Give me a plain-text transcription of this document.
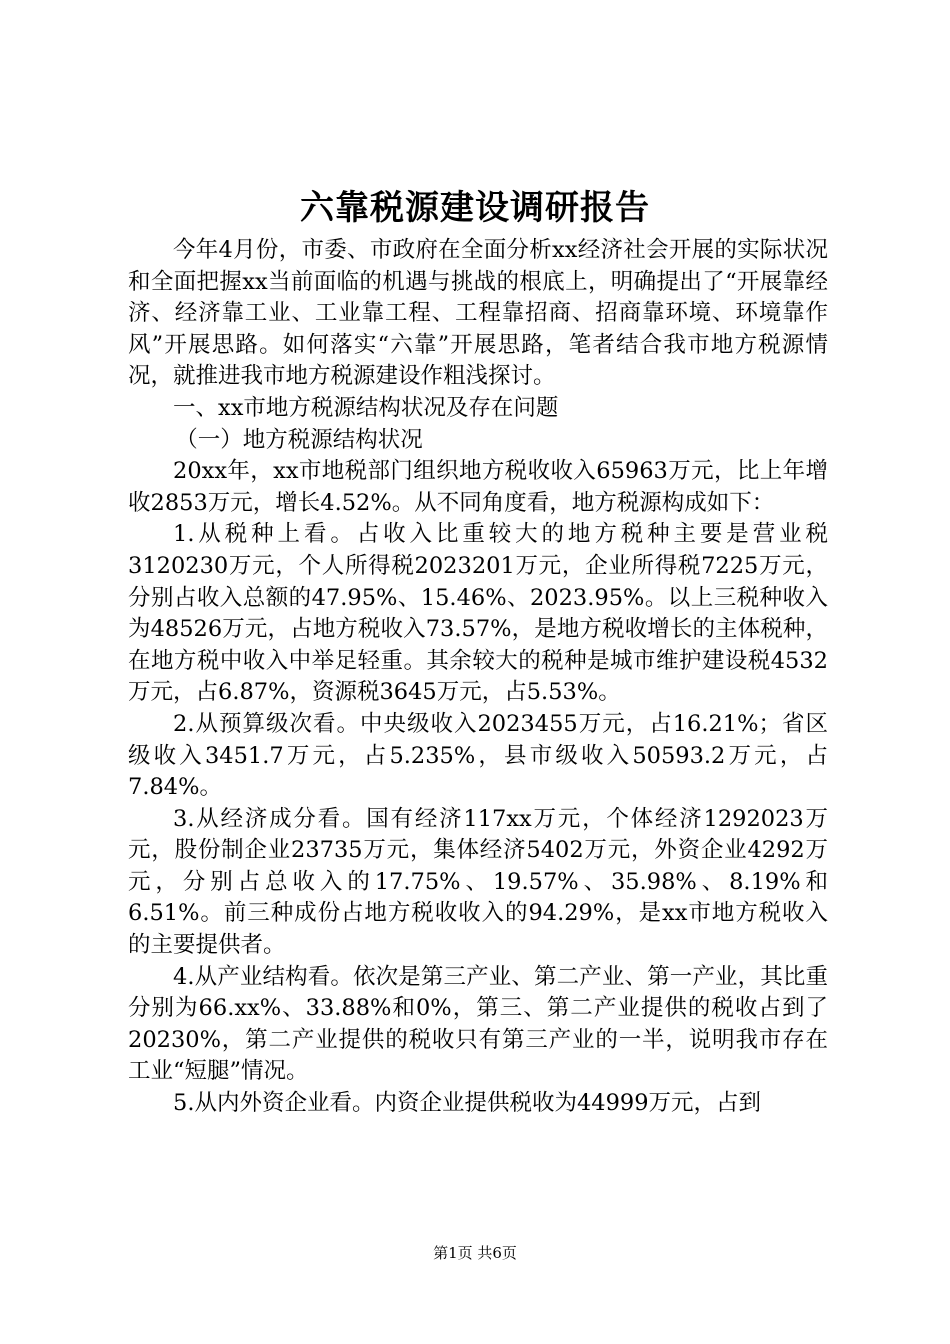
六靠税源建设调研报告

今年4月份，市委、市政府在全面分析xx经济社会开展的实际状况和全面把握xx当前面临的机遇与挑战的根底上，明确提出了“开展靠经济、经济靠工业、工业靠工程、工程靠招商、招商靠环境、环境靠作风”开展思路。如何落实“六靠”开展思路，笔者结合我市地方税源情况，就推进我市地方税源建设作粗浅探讨。

一、xx市地方税源结构状况及存在问题

（一）地方税源结构状况

20xx年，xx市地税部门组织地方税收收入65963万元，比上年增收2853万元，增长4.52%。从不同角度看，地方税源构成如下：

1.从税种上看。占收入比重较大的地方税种主要是营业税3120230万元，个人所得税2023201万元，企业所得税7225万元，分别占收入总额的47.95%、15.46%、2023.95%。以上三税种收入为48526万元，占地方税收入73.57%，是地方税收增长的主体税种，在地方税中收入中举足轻重。其余较大的税种是城市维护建设税4532万元，占6.87%，资源税3645万元，占5.53%。

2.从预算级次看。中央级收入2023455万元，占16.21%；省区级收入3451.7万元，占5.235%，县市级收入50593.2万元，占7.84%。

3.从经济成分看。国有经济117xx万元，个体经济1292023万元，股份制企业23735万元，集体经济5402万元，外资企业4292万元，分别占总收入的17.75%、19.57%、35.98%、8.19%和6.51%。前三种成份占地方税收收入的94.29%，是xx市地方税收入的主要提供者。

4.从产业结构看。依次是第三产业、第二产业、第一产业，其比重分别为66.xx%、33.88%和0%，第三、第二产业提供的税收占到了20230%，第二产业提供的税收只有第三产业的一半，说明我市存在工业“短腿”情况。

5.从内外资企业看。内资企业提供税收为44999万元，占到

第1页 共6页
